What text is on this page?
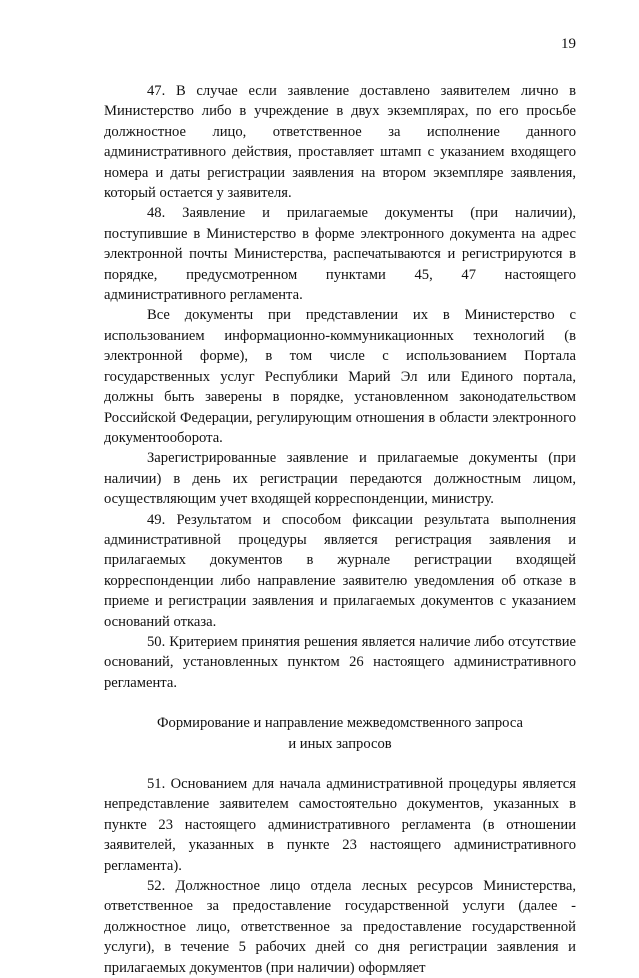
19

47. В случае если заявление доставлено заявителем лично в Министерство либо в учреждение в двух экземплярах, по его просьбе должностное лицо, ответственное за исполнение данного административного действия, проставляет штамп с указанием входящего номера и даты регистрации заявления на втором экземпляре заявления, который остается у заявителя.

48. Заявление и прилагаемые документы (при наличии), поступившие в Министерство в форме электронного документа на адрес электронной почты Министерства, распечатываются и регистрируются в порядке, предусмотренном пунктами 45, 47 настоящего административного регламента.

Все документы при представлении их в Министерство с использованием информационно-коммуникационных технологий (в электронной форме), в том числе с использованием Портала государственных услуг Республики Марий Эл или Единого портала, должны быть заверены в порядке, установленном законодательством Российской Федерации, регулирующим отношения в области электронного документооборота.

Зарегистрированные заявление и прилагаемые документы (при наличии) в день их регистрации передаются должностным лицом, осуществляющим учет входящей корреспонденции, министру.

49. Результатом и способом фиксации результата выполнения административной процедуры является регистрация заявления и прилагаемых документов в журнале регистрации входящей корреспонденции либо направление заявителю уведомления об отказе в приеме и регистрации заявления и прилагаемых документов с указанием оснований отказа.

50. Критерием принятия решения является наличие либо отсутствие оснований, установленных пунктом 26 настоящего административного регламента.

Формирование и направление межведомственного запроса
и иных запросов

51. Основанием для начала административной процедуры является непредставление заявителем самостоятельно документов, указанных в пункте 23 настоящего административного регламента (в отношении заявителей, указанных в пункте 23 настоящего административного регламента).

52. Должностное лицо отдела лесных ресурсов Министерства, ответственное за предоставление государственной услуги (далее - должностное лицо, ответственное за предоставление государственной услуги), в течение 5 рабочих дней со дня регистрации заявления и прилагаемых документов (при наличии) оформляет
